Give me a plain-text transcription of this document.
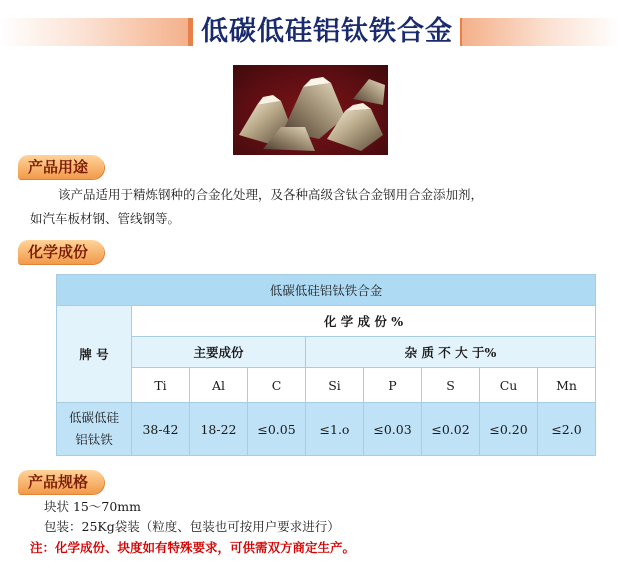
低碳低硅铝钛铁合金
产品用途
该产品适用于精炼钢种的合金化处理，及各种高级含钛合金钢用合金添加剂，
如汽车板材钢、管线钢等。
化学成份
低碳低硅铝钛铁合金								
牌 号	化 学 成 份 %							
	主要成份			杂 质 不 大 于%				
	Ti	Al	C	Si	P	S	Cu	Mn

低碳低硅
铝钛铁	38-42	18-22	≤0.05	≤1.o	≤0.03	≤0.02	≤0.20	≤2.0
产品规格
块状 15～70mm
包装：25Kg袋装（粒度、包装也可按用户要求进行）
注：化学成份、块度如有特殊要求，可供需双方商定生产。
